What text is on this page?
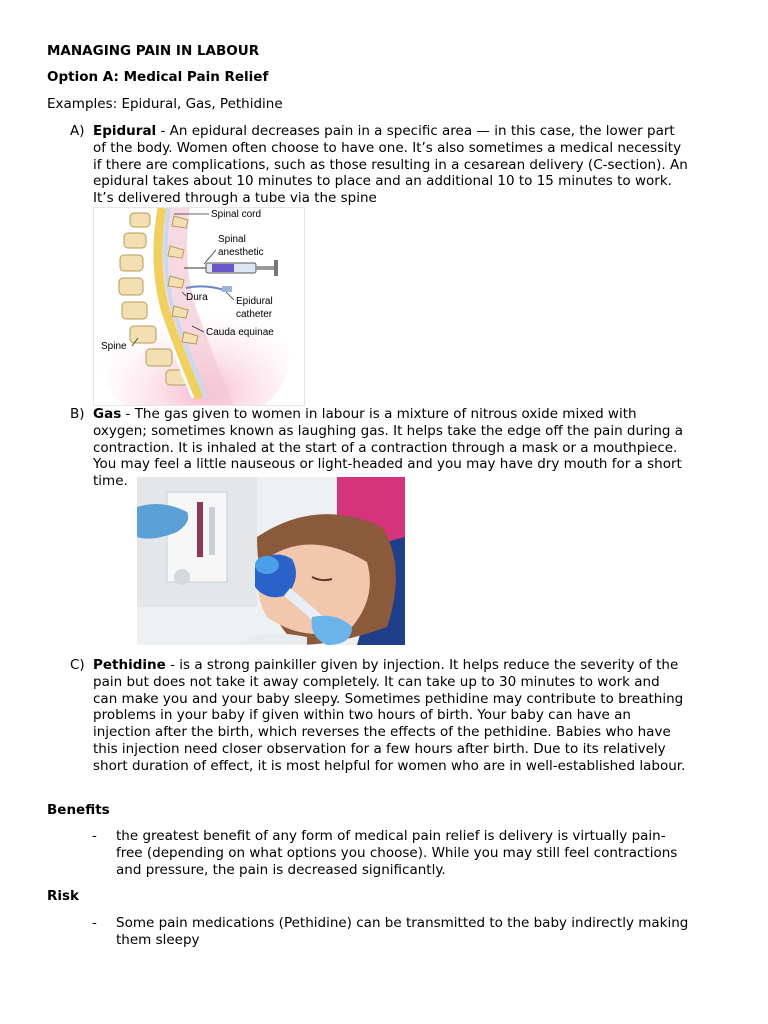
MANAGING PAIN IN LABOUR
Option A: Medical Pain Relief
Examples: Epidural, Gas, Pethidine
A) Epidural - An epidural decreases pain in a specific area — in this case, the lower part
of the body. Women often choose to have one. It’s also sometimes a medical necessity
if there are complications, such as those resulting in a cesarean delivery (C-section). An
epidural takes about 10 minutes to place and an additional 10 to 15 minutes to work.
It’s delivered through a tube via the spine
Spinal cord
Spinal
anesthetic
Dura	Epidural
catheter
Cauda equinae
Spine
B) Gas - The gas given to women in labour is a mixture of nitrous oxide mixed with
oxygen; sometimes known as laughing gas. It helps take the edge off the pain during a
contraction. It is inhaled at the start of a contraction through a mask or a mouthpiece.
You may feel a little nauseous or light-headed and you may have dry mouth for a short
time.
C) Pethidine - is a strong painkiller given by injection. It helps reduce the severity of the
pain but does not take it away completely. It can take up to 30 minutes to work and
can make you and your baby sleepy. Sometimes pethidine may contribute to breathing
problems in your baby if given within two hours of birth. Your baby can have an
injection after the birth, which reverses the effects of the pethidine. Babies who have
this injection need closer observation for a few hours after birth. Due to its relatively
short duration of effect, it is most helpful for women who are in well-established labour.
Benefits
- the greatest benefit of any form of medical pain relief is delivery is virtually pain-
free (depending on what options you choose). While you may still feel contractions
and pressure, the pain is decreased significantly.
Risk
- Some pain medications (Pethidine) can be transmitted to the baby indirectly making
them sleepy
